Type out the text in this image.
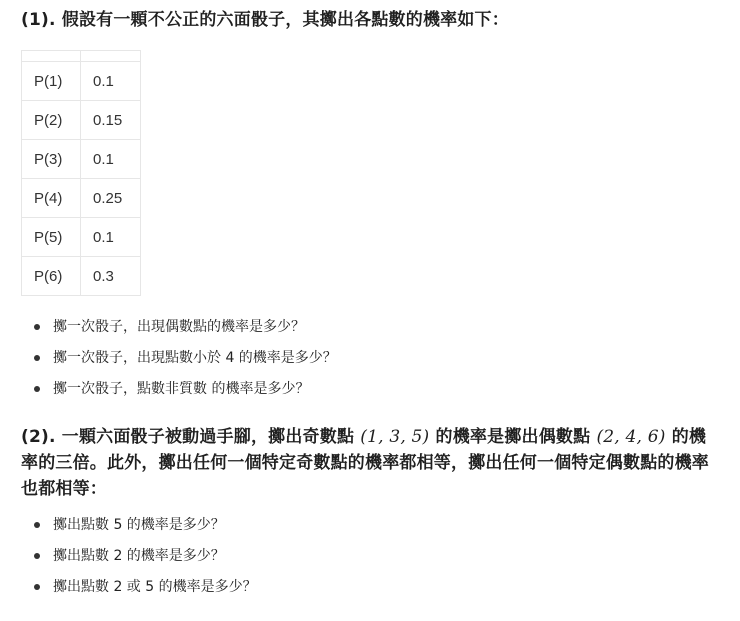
(1). 假設有一顆不公正的六面骰子，其擲出各點數的機率如下：

P(1)	0.1
P(2)	0.15
P(3)	0.1
P(4)	0.25
P(5)	0.1
P(6)	0.3
擲一次骰子，出現偶數點的機率是多少？
擲一次骰子，出現點數小於 4 的機率是多少？
擲一次骰子，點數非質數 的機率是多少？
(2). 一顆六面骰子被動過手腳，擲出奇數點 (1, 3, 5) 的機率是擲出偶數點 (2, 4, 6) 的機率的三倍。此外，擲出任何一個特定奇數點的機率都相等，擲出任何一個特定偶數點的機率也都相等：
擲出點數 5 的機率是多少？
擲出點數 2 的機率是多少？
擲出點數 2 或 5 的機率是多少？
